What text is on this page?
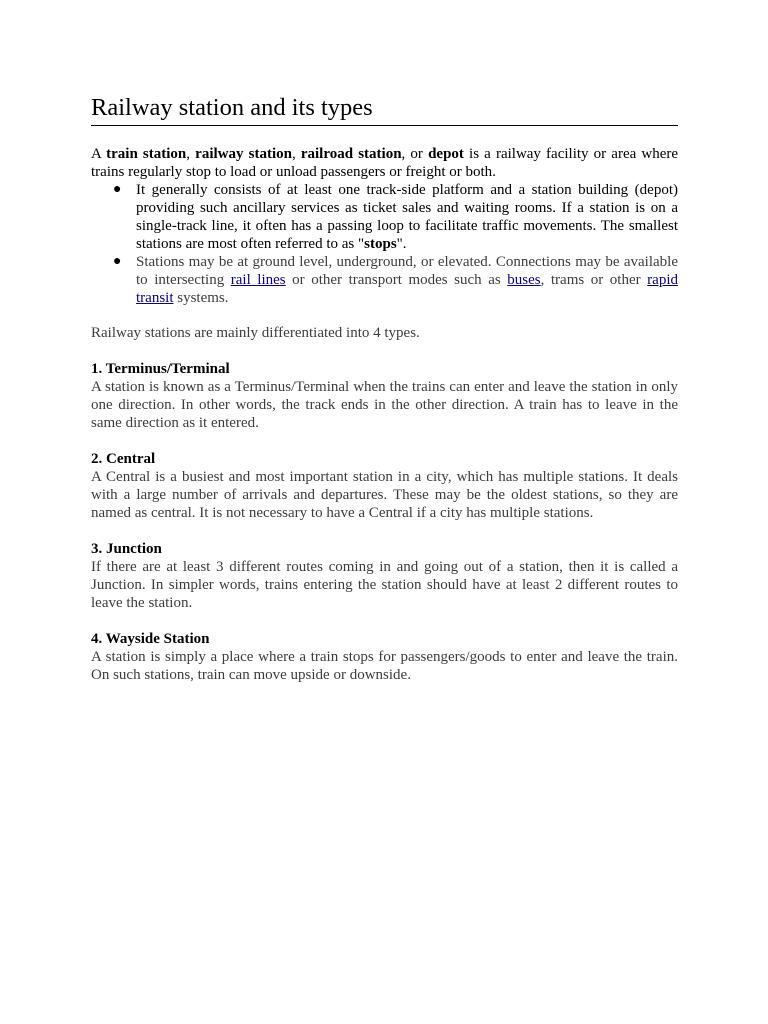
Railway station and its types

A train station, railway station, railroad station, or depot is a railway facility or area where trains regularly stop to load or unload passengers or freight or both.

● It generally consists of at least one track-side platform and a station building (depot) providing such ancillary services as ticket sales and waiting rooms. If a station is on a single-track line, it often has a passing loop to facilitate traffic movements. The smallest stations are most often referred to as "stops".
● Stations may be at ground level, underground, or elevated. Connections may be available to intersecting rail lines or other transport modes such as buses, trams or other rapid transit systems.

Railway stations are mainly differentiated into 4 types.

1. Terminus/Terminal

A station is known as a Terminus/Terminal when the trains can enter and leave the station in only one direction. In other words, the track ends in the other direction. A train has to leave in the same direction as it entered.

2. Central

A Central is a busiest and most important station in a city, which has multiple stations. It deals with a large number of arrivals and departures. These may be the oldest stations, so they are named as central. It is not necessary to have a Central if a city has multiple stations.

3. Junction

If there are at least 3 different routes coming in and going out of a station, then it is called a Junction. In simpler words, trains entering the station should have at least 2 different routes to leave the station.

4. Wayside Station

A station is simply a place where a train stops for passengers/goods to enter and leave the train. On such stations, train can move upside or downside.
